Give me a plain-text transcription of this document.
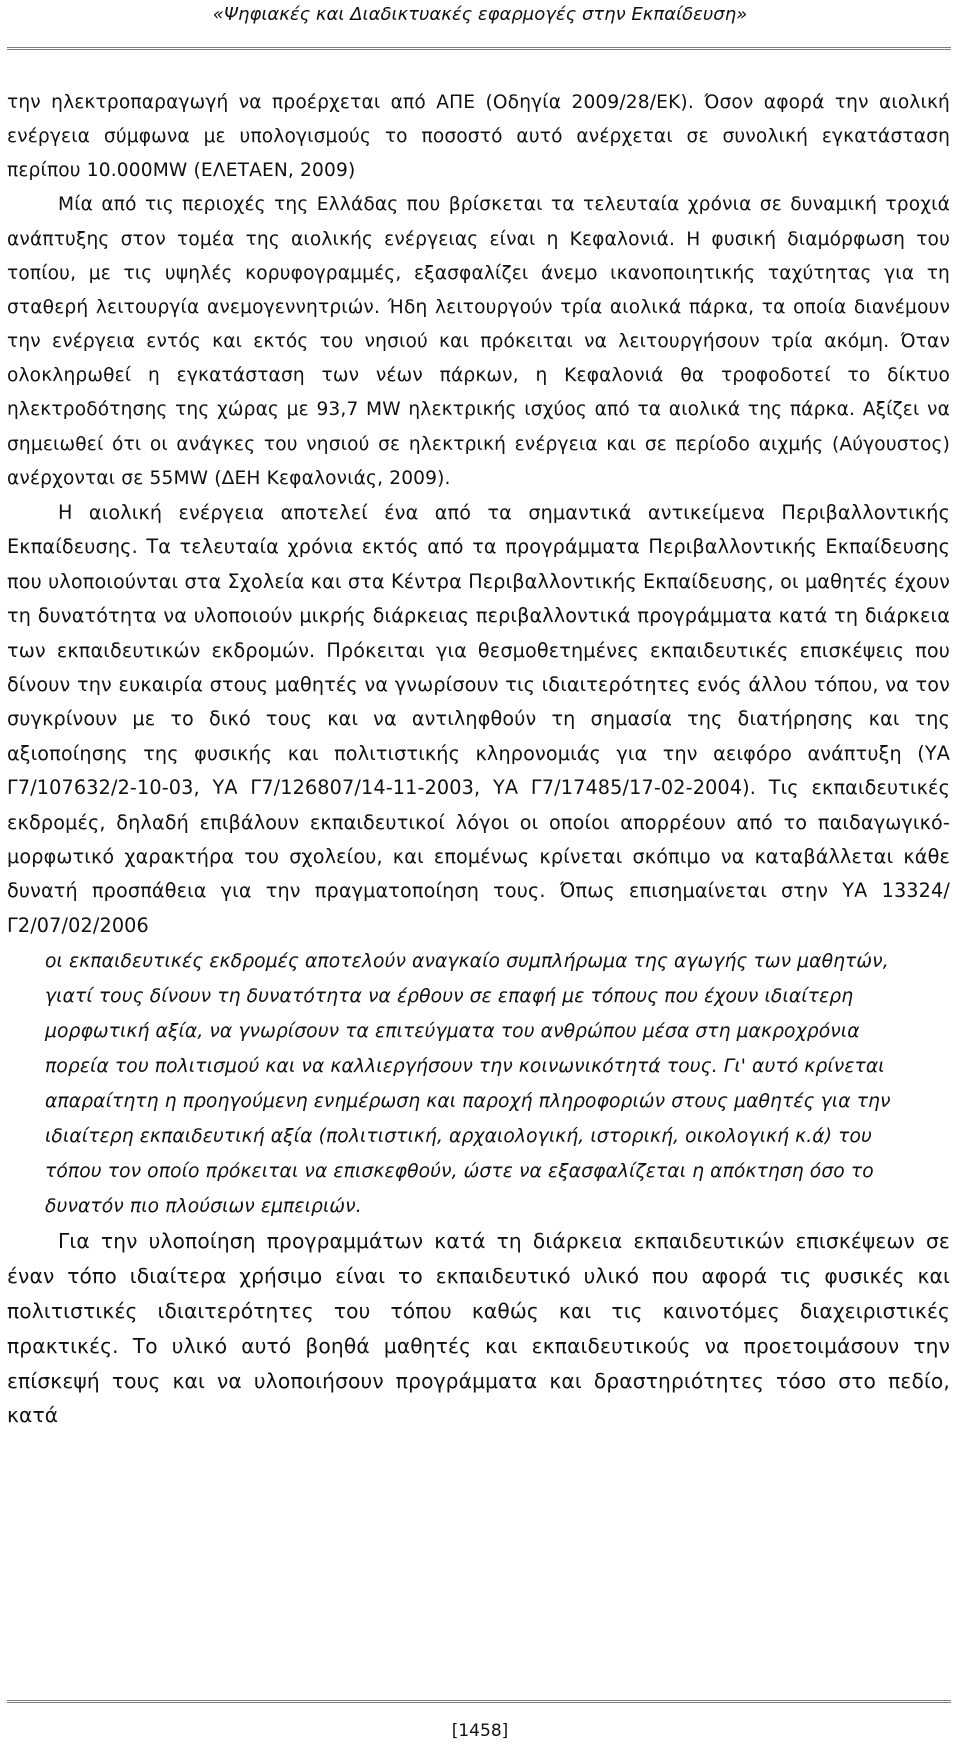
«Ψηφιακές και Διαδικτυακές εφαρμογές στην Εκπαίδευση»

την ηλεκτροπαραγωγή να προέρχεται από ΑΠΕ (Οδηγία 2009/28/ΕΚ). Όσον αφορά την αιολική ενέργεια σύμφωνα με υπολογισμούς το ποσοστό αυτό ανέρχεται σε συνολική εγκατάσταση περίπου 10.000MW (ΕΛΕΤΑΕΝ, 2009)

Μία από τις περιοχές της Ελλάδας που βρίσκεται τα τελευταία χρόνια σε δυναμική τροχιά ανάπτυξης στον τομέα της αιολικής ενέργειας είναι η Κεφαλονιά. Η φυσική διαμόρφωση του τοπίου, με τις υψηλές κορυφογραμμές, εξασφαλίζει άνεμο ικανοποιητικής ταχύτητας για τη σταθερή λειτουργία ανεμογεννητριών. Ήδη λειτουργούν τρία αιολικά πάρκα, τα οποία διανέμουν την ενέργεια εντός και εκτός του νησιού και πρόκειται να λειτουργήσουν τρία ακόμη. Όταν ολοκληρωθεί η εγκατάσταση των νέων πάρκων, η Κεφαλονιά θα τροφοδοτεί το δίκτυο ηλεκτροδότησης της χώρας με 93,7 MW ηλεκτρικής ισχύος από τα αιολικά της πάρκα. Αξίζει να σημειωθεί ότι οι ανάγκες του νησιού σε ηλεκτρική ενέργεια και σε περίοδο αιχμής (Αύγουστος) ανέρχονται σε 55MW (ΔΕΗ Κεφαλονιάς, 2009).

Η αιολική ενέργεια αποτελεί ένα από τα σημαντικά αντικείμενα Περιβαλλοντικής Εκπαίδευσης. Τα τελευταία χρόνια εκτός από τα προγράμματα Περιβαλλοντικής Εκπαίδευσης που υλοποιούνται στα Σχολεία και στα Κέντρα Περιβαλλοντικής Εκπαίδευσης, οι μαθητές έχουν τη δυνατότητα να υλοποιούν μικρής διάρκειας περιβαλλοντικά προγράμματα κατά τη διάρκεια των εκπαιδευτικών εκδρομών. Πρόκειται για θεσμοθετημένες εκπαιδευτικές επισκέψεις που δίνουν την ευκαιρία στους μαθητές να γνωρίσουν τις ιδιαιτερότητες ενός άλλου τόπου, να τον συγκρίνουν με το δικό τους και να αντιληφθούν τη σημασία της διατήρησης και της αξιοποίησης της φυσικής και πολιτιστικής κληρονομιάς για την αειφόρο ανάπτυξη (ΥΑ Γ7/107632/2-10-03, ΥΑ Γ7/126807/14-11-2003, ΥΑ Γ7/17485/17-02-2004). Τις εκπαιδευτικές εκδρομές, δηλαδή επιβάλουν εκπαιδευτικοί λόγοι οι οποίοι απορρέουν από το παιδαγωγικό-μορφωτικό χαρακτήρα του σχολείου, και επομένως κρίνεται σκόπιμο να καταβάλλεται κάθε δυνατή προσπάθεια για την πραγματοποίηση τους. Όπως επισημαίνεται στην ΥΑ 13324/Γ2/07/02/2006

οι εκπαιδευτικές εκδρομές αποτελούν αναγκαίο συμπλήρωμα της αγωγής των μαθητών, γιατί τους δίνουν τη δυνατότητα να έρθουν σε επαφή με τόπους που έχουν ιδιαίτερη μορφωτική αξία, να γνωρίσουν τα επιτεύγματα του ανθρώπου μέσα στη μακροχρόνια πορεία του πολιτισμού και να καλλιεργήσουν την κοινωνικότητά τους. Γι' αυτό κρίνεται απαραίτητη η προηγούμενη ενημέρωση και παροχή πληροφοριών στους μαθητές για την ιδιαίτερη εκπαιδευτική αξία (πολιτιστική, αρχαιολογική, ιστορική, οικολογική κ.ά) του τόπου τον οποίο πρόκειται να επισκεφθούν, ώστε να εξασφαλίζεται η απόκτηση όσο το δυνατόν πιο πλούσιων εμπειριών.

Για την υλοποίηση προγραμμάτων κατά τη διάρκεια εκπαιδευτικών επισκέψεων σε έναν τόπο ιδιαίτερα χρήσιμο είναι το εκπαιδευτικό υλικό που αφορά τις φυσικές και πολιτιστικές ιδιαιτερότητες του τόπου καθώς και τις καινοτόμες διαχειριστικές πρακτικές. Το υλικό αυτό βοηθά μαθητές και εκπαιδευτικούς να προετοιμάσουν την επίσκεψή τους και να υλοποιήσουν προγράμματα και δραστηριότητες τόσο στο πεδίο, κατά

[1458]
